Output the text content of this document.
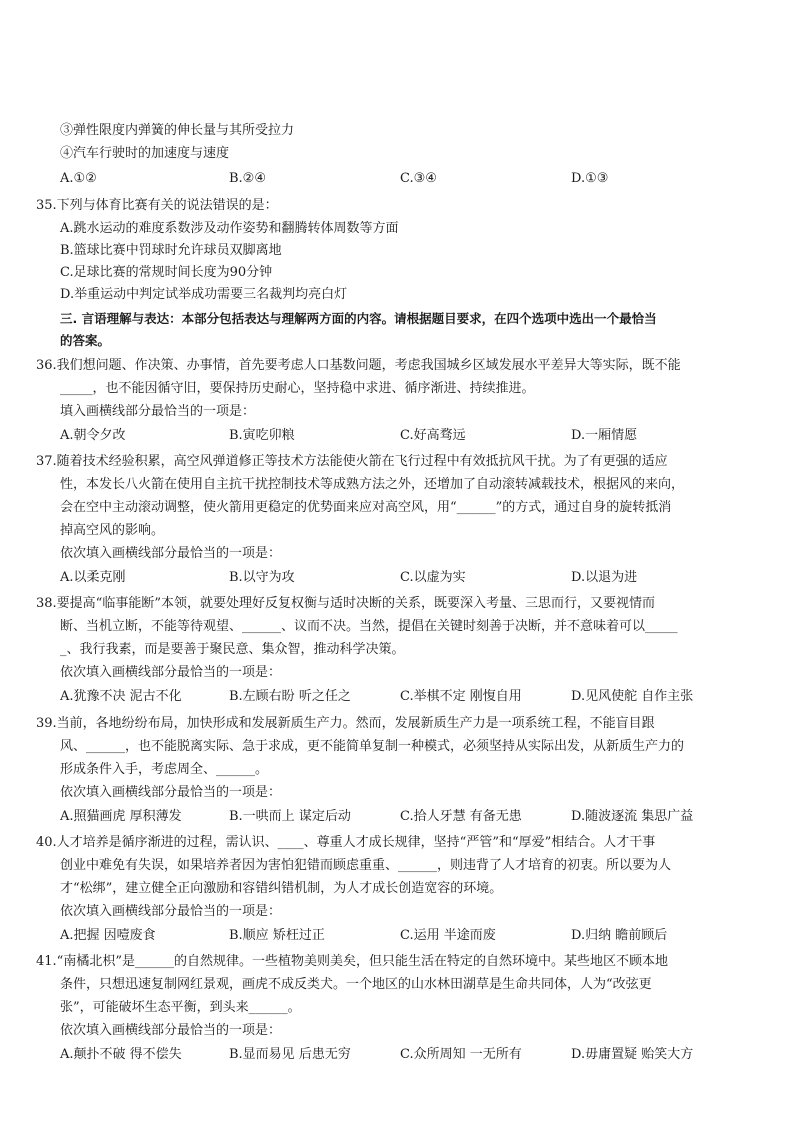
③弹性限度内弹簧的伸长量与其所受拉力
④汽车行驶时的加速度与速度
A.①②	B.②④	C.③④	D.①③
35.下列与体育比赛有关的说法错误的是：
A.跳水运动的难度系数涉及动作姿势和翻腾转体周数等方面
B.篮球比赛中罚球时允许球员双脚离地
C.足球比赛的常规时间长度为90分钟
D.举重运动中判定试举成功需要三名裁判均亮白灯
三. 言语理解与表达：本部分包括表达与理解两方面的内容。请根据题目要求，在四个选项中选出一个最恰当
的答案。
36.我们想问题、作决策、办事情，首先要考虑人口基数问题，考虑我国城乡区域发展水平差异大等实际，既不能
_____，也不能因循守旧，要保持历史耐心，坚持稳中求进、循序渐进、持续推进。
填入画横线部分最恰当的一项是：
A.朝令夕改	B.寅吃卯粮	C.好高骛远	D.一厢情愿
37.随着技术经验积累，高空风弹道修正等技术方法能使火箭在飞行过程中有效抵抗风干扰。为了有更强的适应
性，本发长八火箭在使用自主抗干扰控制技术等成熟方法之外，还增加了自动滚转减载技术，根据风的来向，
会在空中主动滚动调整，使火箭用更稳定的优势面来应对高空风，用“______”的方式，通过自身的旋转抵消
掉高空风的影响。
依次填入画横线部分最恰当的一项是：
A.以柔克刚	B.以守为攻	C.以虚为实	D.以退为进
38.要提高“临事能断”本领，就要处理好反复权衡与适时决断的关系，既要深入考量、三思而行，又要视情而
断、当机立断，不能等待观望、______、议而不决。当然，提倡在关键时刻善于决断，并不意味着可以_____
_、我行我素，而是要善于聚民意、集众智，推动科学决策。
依次填入画横线部分最恰当的一项是：
A.犹豫不决 泥古不化	B.左顾右盼 听之任之	C.举棋不定 刚愎自用	D.见风使舵 自作主张
39.当前，各地纷纷布局，加快形成和发展新质生产力。然而，发展新质生产力是一项系统工程，不能盲目跟
风、______，也不能脱离实际、急于求成，更不能简单复制一种模式，必须坚持从实际出发，从新质生产力的
形成条件入手，考虑周全、______。
依次填入画横线部分最恰当的一项是：
A.照猫画虎 厚积薄发	B.一哄而上 谋定后动	C.拾人牙慧 有备无患	D.随波逐流 集思广益
40.人才培养是循序渐进的过程，需认识、____、尊重人才成长规律，坚持“严管”和“厚爱”相结合。人才干事
创业中难免有失误，如果培养者因为害怕犯错而顾虑重重、______，则违背了人才培育的初衷。所以要为人
才“松绑”，建立健全正向激励和容错纠错机制，为人才成长创造宽容的环境。
依次填入画横线部分最恰当的一项是：
A.把握 因噎废食	B.顺应 矫枉过正	C.运用 半途而废	D.归纳 瞻前顾后
41.“南橘北枳”是______的自然规律。一些植物美则美矣，但只能生活在特定的自然环境中。某些地区不顾本地
条件，只想迅速复制网红景观，画虎不成反类犬。一个地区的山水林田湖草是生命共同体，人为“改弦更
张”，可能破坏生态平衡，到头来______。
依次填入画横线部分最恰当的一项是：
A.颠扑不破 得不偿失	B.显而易见 后患无穷	C.众所周知 一无所有	D.毋庸置疑 贻笑大方
